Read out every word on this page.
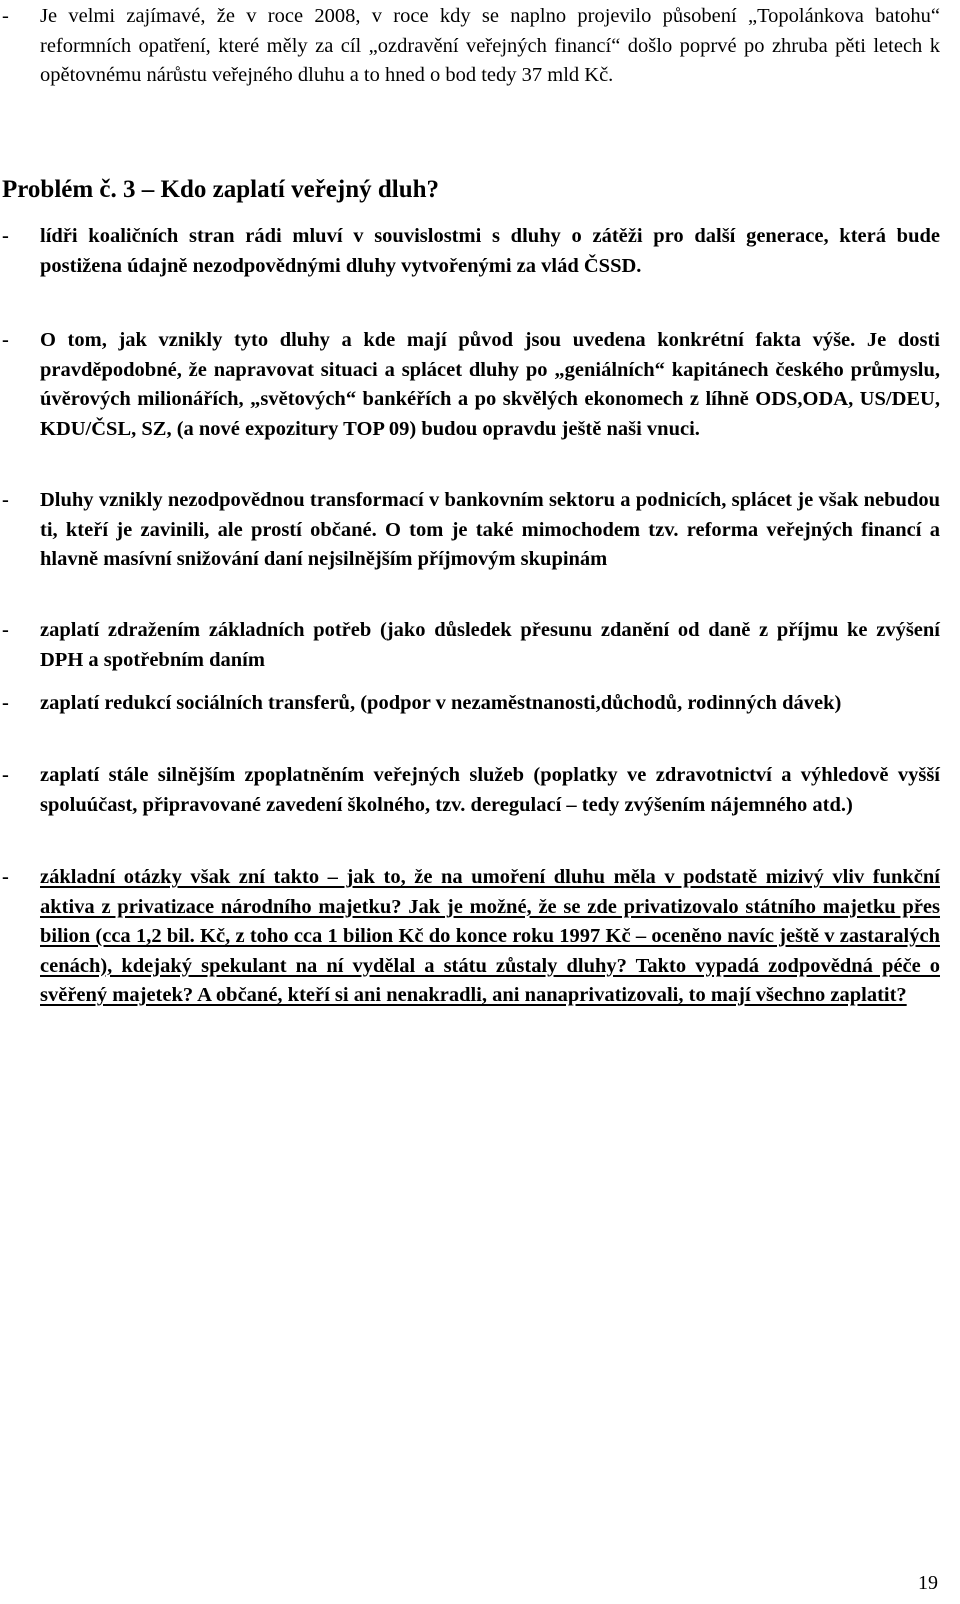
-	Je velmi zajímavé, že v roce 2008, v roce kdy se naplno projevilo působení „Topolánkova batohu“ reformních opatření, které měly za cíl „ozdravění veřejných financí“ došlo poprvé po zhruba pěti letech k opětovnému nárůstu veřejného dluhu a to hned o bod tedy 37 mld Kč.
Problém č. 3 – Kdo zaplatí veřejný dluh?
-	lídři koaličních stran rádi mluví v souvislostmi s dluhy o zátěži pro další generace, která bude postižena údajně nezodpovědnými dluhy vytvořenými za vlád ČSSD.
-	O tom, jak vznikly tyto dluhy a kde mají původ jsou uvedena konkrétní fakta výše. Je dosti pravděpodobné, že napravovat situaci a splácet dluhy po „geniálních“ kapitánech českého průmyslu, úvěrových milionářích, „světových“ bankéřích a po skvělých ekonomech z líhně ODS,ODA, US/DEU, KDU/ČSL, SZ, (a nové expozitury TOP 09) budou opravdu ještě naši vnuci.
-	Dluhy vznikly nezodpovědnou transformací v bankovním sektoru a podnicích, splácet je však nebudou ti, kteří je zavinili, ale prostí občané. O tom je také mimochodem tzv. reforma veřejných financí a hlavně masívní snižování daní nejsilnějším příjmovým skupinám
-	zaplatí zdražením základních potřeb (jako důsledek přesunu zdanění od daně z příjmu ke zvýšení DPH a spotřebním daním
-	zaplatí redukcí sociálních transferů, (podpor v nezaměstnanosti,důchodů, rodinných dávek)
-	zaplatí stále silnějším zpoplatněním veřejných služeb (poplatky ve zdravotnictví a výhledově vyšší spoluúčast, připravované zavedení školného, tzv. deregulací – tedy zvýšením nájemného atd.)
-	základní otázky však zní takto – jak to, že na umoření dluhu měla v podstatě mizivý vliv funkční aktiva z privatizace národního majetku? Jak je možné, že se zde privatizovalo státního majetku přes bilion (cca 1,2 bil. Kč, z toho cca 1 bilion Kč do konce roku 1997 Kč – oceněno navíc ještě v zastaralých cenách), kdejaký spekulant na ní vydělal a státu zůstaly dluhy? Takto vypadá zodpovědná péče o svěřený majetek? A občané, kteří si ani nenakradli, ani nanaprivatizovali, to mají všechno zaplatit?
19
